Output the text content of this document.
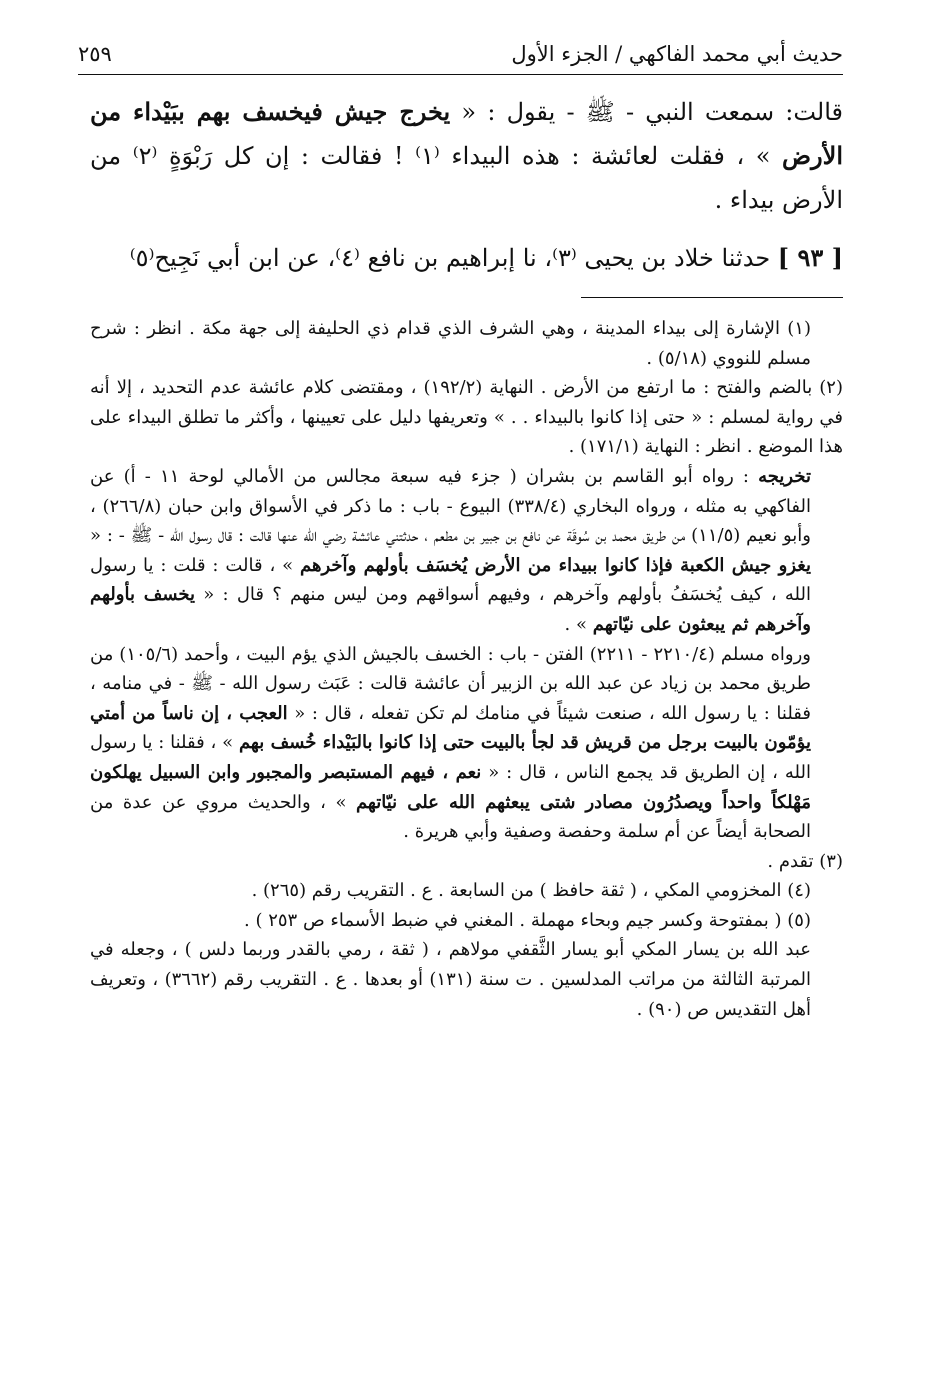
حديث أبي محمد الفاكهي / الجزء الأول
٢٥٩

قالت: سمعت النبي - ﷺ - يقول : « يخرج جيش فيخسف بهم ببَيْداء من الأرض » ، فقلت لعائشة : هذه البيداء ⁽١⁾ ! فقالت : إن كل رَبْوَةٍ ⁽٢⁾ من الأرض بيداء .

[ ٩٣ ] حدثنا خلاد بن يحيى ⁽٣⁾، نا إبراهيم بن نافع ⁽٤⁾، عن ابن أبي نَجِيح⁽٥⁾

(١) الإشارة إلى بيداء المدينة ، وهي الشرف الذي قدام ذي الحليفة إلى جهة مكة . انظر : شرح مسلم للنووي (٥/١٨) .

(٢) بالضم والفتح : ما ارتفع من الأرض . النهاية (١٩٢/٢) ، ومقتضى كلام عائشة عدم التحديد ، إلا أنه في رواية لمسلم : « حتى إذا كانوا بالبيداء . . » وتعريفها دليل على تعيينها ، وأكثر ما تطلق البيداء على هذا الموضع . انظر : النهاية (١٧١/١) .

تخريجه : رواه أبو القاسم بن بشران ( جزء فيه سبعة مجالس من الأمالي لوحة ١١ - أ) عن الفاكهي به مثله ، ورواه البخاري (٣٣٨/٤) البيوع - باب : ما ذكر في الأسواق وابن حبان (٢٦٦/٨) ، وأبو نعيم (١١/٥) من طريق محمد بن سُوقَة عن نافع بن جبير بن مطعم ، حدثتني عائشة رضي الله عنها قالت : قال رسول الله - ﷺ - : « يغزو جيش الكعبة فإذا كانوا ببيداء من الأرض يُخسَف بأولهم وآخرهم » ، قالت : قلت : يا رسول الله ، كيف يُخسَفُ بأولهم وآخرهم ، وفيهم أسواقهم ومن ليس منهم ؟ قال : « يخسف بأولهم وآخرهم ثم يبعثون على نيّاتهم » .

ورواه مسلم (٢٢١٠/٤ - ٢٢١١) الفتن - باب : الخسف بالجيش الذي يؤم البيت ، وأحمد (١٠٥/٦) من طريق محمد بن زياد عن عبد الله بن الزبير أن عائشة قالت : عَبَث رسول الله - ﷺ - في منامه ، فقلنا : يا رسول الله ، صنعت شيئاً في منامك لم تكن تفعله ، قال : « العجب ، إن ناساً من أمتي يؤمّون بالبيت برجل من قريش قد لجأ بالبيت حتى إذا كانوا بالبَيْداء خُسف بهم » ، فقلنا : يا رسول الله ، إن الطريق قد يجمع الناس ، قال : « نعم ، فيهم المستبصر والمجبور وابن السبيل يهلكون مَهْلكاً واحداً ويصدُرُون مصادر شتى يبعثهم الله على نيّاتهم » ، والحديث مروي عن عدة من الصحابة أيضاً عن أم سلمة وحفصة وصفية وأبي هريرة .

(٣) تقدم .

(٤) المخزومي المكي ، ( ثقة حافظ ) من السابعة . ع . التقريب رقم (٢٦٥) .

(٥) ( بمفتوحة وكسر جيم وبحاء مهملة . المغني في ضبط الأسماء ص ٢٥٣ ) .

عبد الله بن يسار المكي أبو يسار الثَّقفي مولاهم ، ( ثقة ، رمي بالقدر وربما دلس ) ، وجعله في المرتبة الثالثة من مراتب المدلسين . ت سنة (١٣١) أو بعدها . ع . التقريب رقم (٣٦٦٢) ، وتعريف أهل التقديس ص (٩٠) .
